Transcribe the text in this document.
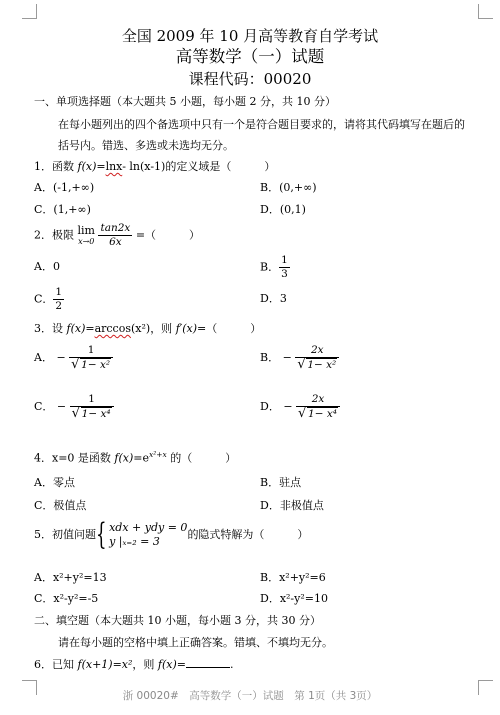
全国 2009 年 10 月高等教育自学考试
高等数学（一）试题
课程代码：00020
一、单项选择题（本大题共 5 小题，每小题 2 分，共 10 分）
在每小题列出的四个备选项中只有一个是符合题目要求的，请将其代码填写在题后的
括号内。错选、多选或未选均无分。
1．函数 f(x)=lnx- ln(x-1)的定义域是（　　　）
A．(-1,+∞)	B．(0,+∞)
C．(1,+∞)	D．(0,1)
2．极限 lim
x→0
$\frac{\tan 2x}{6x}$ =（　　　）
A．0	B． $\frac{1}{3}$
C． $\frac{1}{2}$	D．3
3．设 f(x)=arccos(x²)，则 f′(x)=（　　　）
A． − $\frac{1}{\text{√ 1− x²}}$	B． − $\frac{2x}{\text{√ 1− x²}}$
C． − $\frac{1}{\text{√ 1− x⁴}}$	D． − $\frac{2x}{\text{√ 1− x⁴}}$
4．x=0 是函数 $f(x)=e^{x^2+x}$ 的（　　　）
A．零点	B．驻点
C．极值点	D．非极值点
5．初值问题{ xdx + ydy = 0
y |ₓ₌₂ = 3
的隐式特解为（　　　）
A．x²+y²=13	B．x²+y²=6
C．x²-y²=-5	D．x²-y²=10
二、填空题（本大题共 10 小题，每小题 3 分，共 30 分）
请在每小题的空格中填上正确答案。错填、不填均无分。
6．已知 f(x+1)=x²，则 f(x)=	.
浙 00020#　高等数学（一）试题　第 1页（共 3页）
